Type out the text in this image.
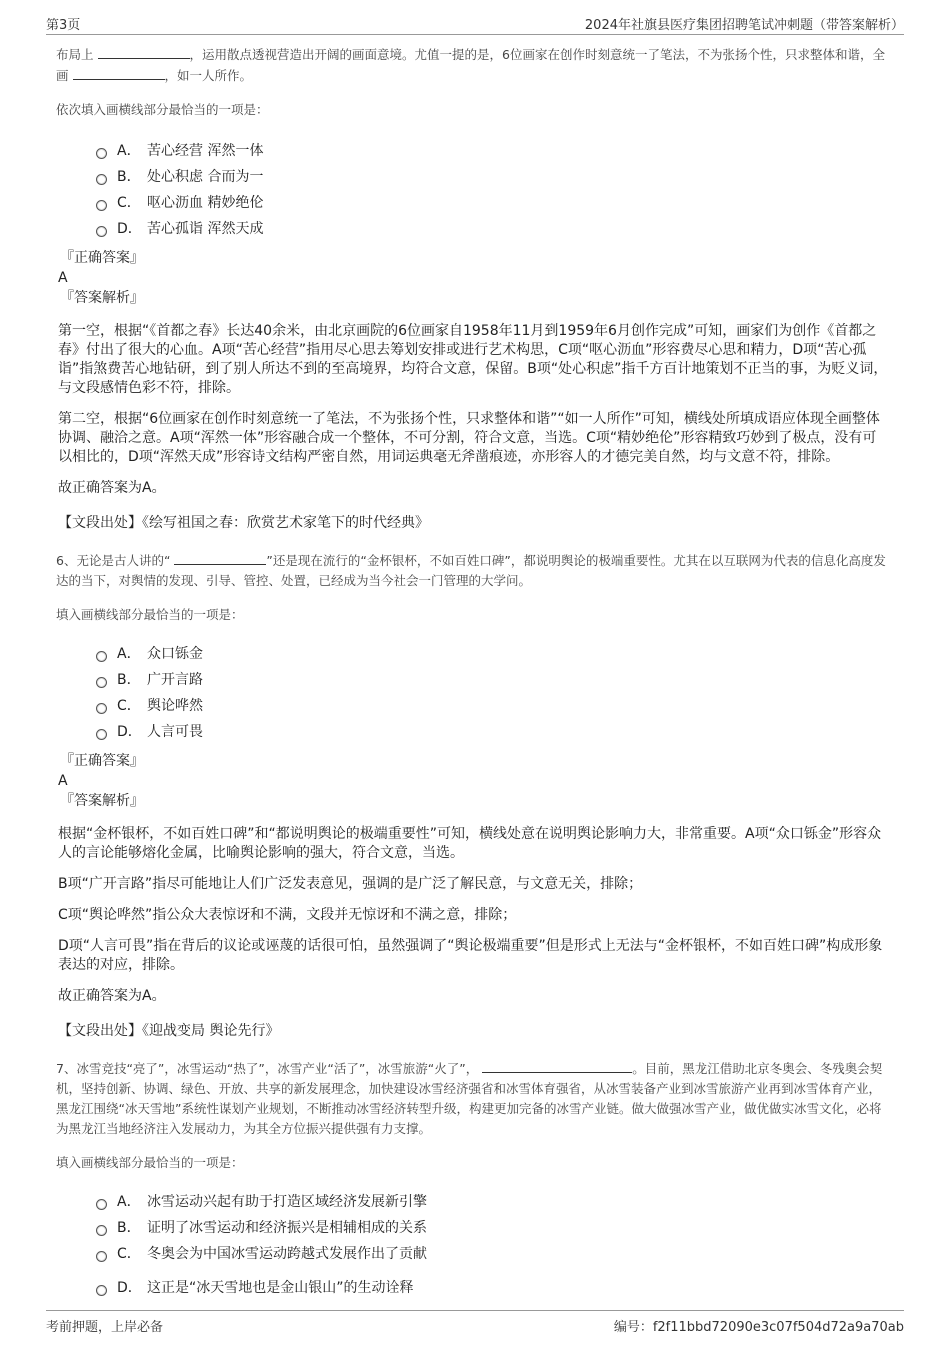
第3页	2024年社旗县医疗集团招聘笔试冲刺题（带答案解析）

布局上	，运用散点透视营造出开阔的画面意境。尤值一提的是，6位画家在创作时刻意统一了笔法，不为张扬个性，只求整体和谐，全画	，如一人所作。

依次填入画横线部分最恰当的一项是：

A． 苦心经营 浑然一体
B． 处心积虑 合而为一
C． 呕心沥血 精妙绝伦
D． 苦心孤诣 浑然天成
『正确答案』
A
『答案解析』

第一空，根据“《首都之春》长达40余米，由北京画院的6位画家自1958年11月到1959年6月创作完成”可知，画家们为创作《首都之春》付出了很大的心血。A项“苦心经营”指用尽心思去筹划安排或进行艺术构思，C项“呕心沥血”形容费尽心思和精力，D项“苦心孤诣”指煞费苦心地钻研，到了别人所达不到的至高境界，均符合文意，保留。B项“处心积虑”指千方百计地策划不正当的事，为贬义词，与文段感情色彩不符，排除。

第二空，根据“6位画家在创作时刻意统一了笔法，不为张扬个性，只求整体和谐”“如一人所作”可知，横线处所填成语应体现全画整体协调、融洽之意。A项“浑然一体”形容融合成一个整体，不可分割，符合文意，当选。C项“精妙绝伦”形容精致巧妙到了极点，没有可以相比的，D项“浑然天成”形容诗文结构严密自然，用词运典毫无斧凿痕迹，亦形容人的才德完美自然，均与文意不符，排除。

故正确答案为A。

【文段出处】《绘写祖国之春：欣赏艺术家笔下的时代经典》

6、无论是古人讲的“	”还是现在流行的“金杯银杯，不如百姓口碑”，都说明舆论的极端重要性。尤其在以互联网为代表的信息化高度发达的当下，对舆情的发现、引导、管控、处置，已经成为当今社会一门管理的大学问。

填入画横线部分最恰当的一项是：

A． 众口铄金
B． 广开言路
C． 舆论哗然
D． 人言可畏
『正确答案』
A
『答案解析』

根据“金杯银杯，不如百姓口碑”和“都说明舆论的极端重要性”可知，横线处意在说明舆论影响力大，非常重要。A项“众口铄金”形容众人的言论能够熔化金属，比喻舆论影响的强大，符合文意，当选。

B项“广开言路”指尽可能地让人们广泛发表意见，强调的是广泛了解民意，与文意无关，排除；

C项“舆论哗然”指公众大表惊讶和不满，文段并无惊讶和不满之意，排除；

D项“人言可畏”指在背后的议论或诬蔑的话很可怕，虽然强调了“舆论极端重要”但是形式上无法与“金杯银杯，不如百姓口碑”构成形象表达的对应，排除。

故正确答案为A。

【文段出处】《迎战变局 舆论先行》

7、冰雪竞技“亮了”，冰雪运动“热了”，冰雪产业“活了”，冰雪旅游“火了”，	。目前，黑龙江借助北京冬奥会、冬残奥会契机，坚持创新、协调、绿色、开放、共享的新发展理念，加快建设冰雪经济强省和冰雪体育强省，从冰雪装备产业到冰雪旅游产业再到冰雪体育产业，黑龙江围绕“冰天雪地”系统性谋划产业规划，不断推动冰雪经济转型升级，构建更加完备的冰雪产业链。做大做强冰雪产业，做优做实冰雪文化，必将为黑龙江当地经济注入发展动力，为其全方位振兴提供强有力支撑。

填入画横线部分最恰当的一项是：

A． 冰雪运动兴起有助于打造区域经济发展新引擎
B． 证明了冰雪运动和经济振兴是相辅相成的关系
C． 冬奥会为中国冰雪运动跨越式发展作出了贡献
D． 这正是“冰天雪地也是金山银山”的生动诠释
考前押题，上岸必备	编号：f2f11bbd72090e3c07f504d72a9a70ab
